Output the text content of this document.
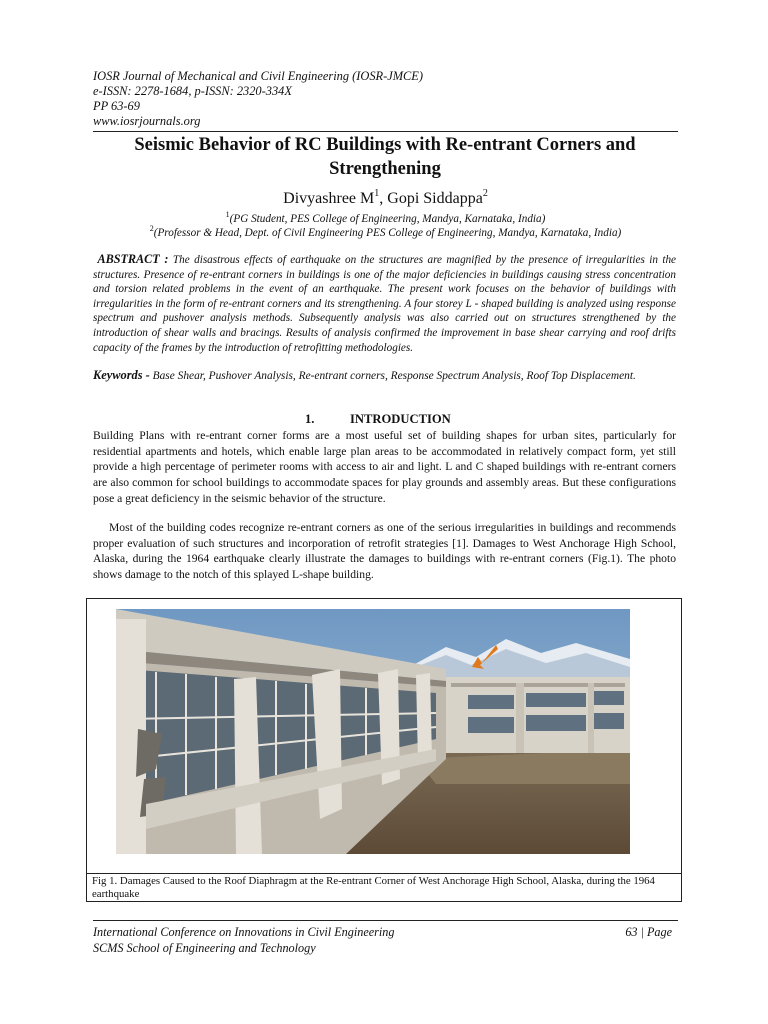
IOSR Journal of Mechanical and Civil Engineering (IOSR-JMCE)
e-ISSN: 2278-1684, p-ISSN: 2320-334X
PP 63-69
www.iosrjournals.org
Seismic Behavior of RC Buildings with Re-entrant Corners and
Strengthening
Divyashree $M^1$, Gopi Siddappa$^2$
$^1$(PG Student, PES College of Engineering, Mandya, Karnataka, India)
$^2$(Professor & Head, Dept. of Civil Engineering PES College of Engineering, Mandya, Karnataka, India)
ABSTRACT : The disastrous effects of earthquake on the structures are magnified by the presence of irregularities in the structures. Presence of re-entrant corners in buildings is one of the major deficiencies in buildings causing stress concentration and torsion related problems in the event of an earthquake. The present work focuses on the behavior of buildings with irregularities in the form of re-entrant corners and its strengthening. A four storey L - shaped building is analyzed using response spectrum and pushover analysis methods. Subsequently analysis was also carried out on structures strengthened by the introduction of shear walls and bracings. Results of analysis confirmed the improvement in base shear carrying and roof drifts capacity of the frames by the introduction of retrofitting methodologies.
Keywords - Base Shear, Pushover Analysis, Re-entrant corners, Response Spectrum Analysis, Roof Top Displacement.
1.	INTRODUCTION
Building Plans with re-entrant corner forms are a most useful set of building shapes for urban sites, particularly for residential apartments and hotels, which enable large plan areas to be accommodated in relatively compact form, yet still provide a high percentage of perimeter rooms with access to air and light. L and C shaped buildings with re-entrant corners are also common for school buildings to accommodate spaces for play grounds and assembly areas. But these configurations pose a great deficiency in the seismic behavior of the structure.
Most of the building codes recognize re-entrant corners as one of the serious irregularities in buildings and recommends proper evaluation of such structures and incorporation of retrofit strategies [1]. Damages to West Anchorage High School, Alaska, during the 1964 earthquake clearly illustrate the damages to buildings with re-entrant corners (Fig.1). The photo shows damage to the notch of this splayed L-shape building.
Fig 1. Damages Caused to the Roof Diaphragm at the Re-entrant Corner of West Anchorage High School, Alaska, during the 1964 earthquake
International Conference on Innovations in Civil Engineering
SCMS School of Engineering and Technology
63 | Page
